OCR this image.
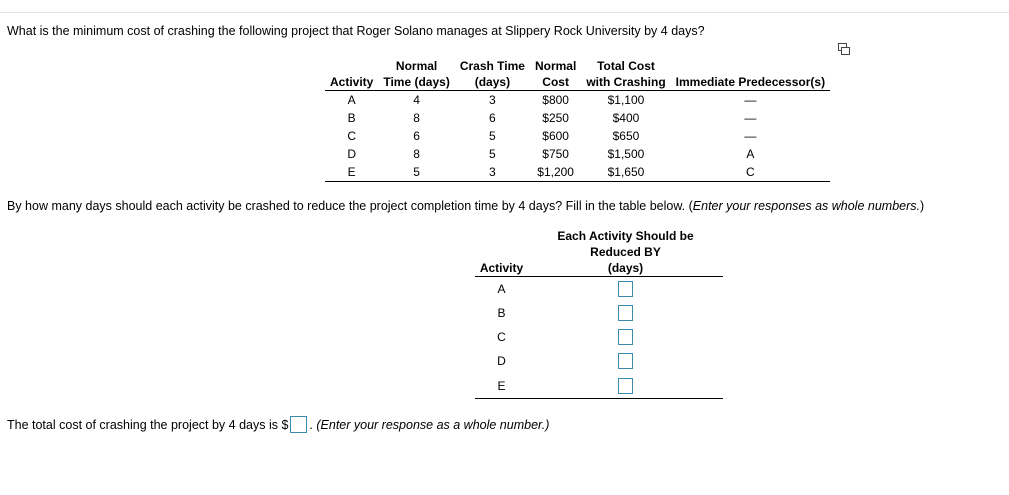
What is the minimum cost of crashing the following project that Roger Solano manages at Slippery Rock University by 4 days?
	Normal	Crash Time	Normal	Total Cost	
Activity	Time (days)	(days)	Cost	with Crashing	Immediate Predecessor(s)
A	4	3	$800	$1,100	—
B	8	6	$250	$400	—
C	6	5	$600	$650	—
D	8	5	$750	$1,500	A
E	5	3	$1,200	$1,650	C
By how many days should each activity be crashed to reduce the project completion time by 4 days? Fill in the table below. (Enter your responses as whole numbers.)
Activity	Each Activity Should be
Reduced BY
(days)

A	
B	
C	
D	
E	
The total cost of crashing the project by 4 days is $ . (Enter your response as a whole number.)
